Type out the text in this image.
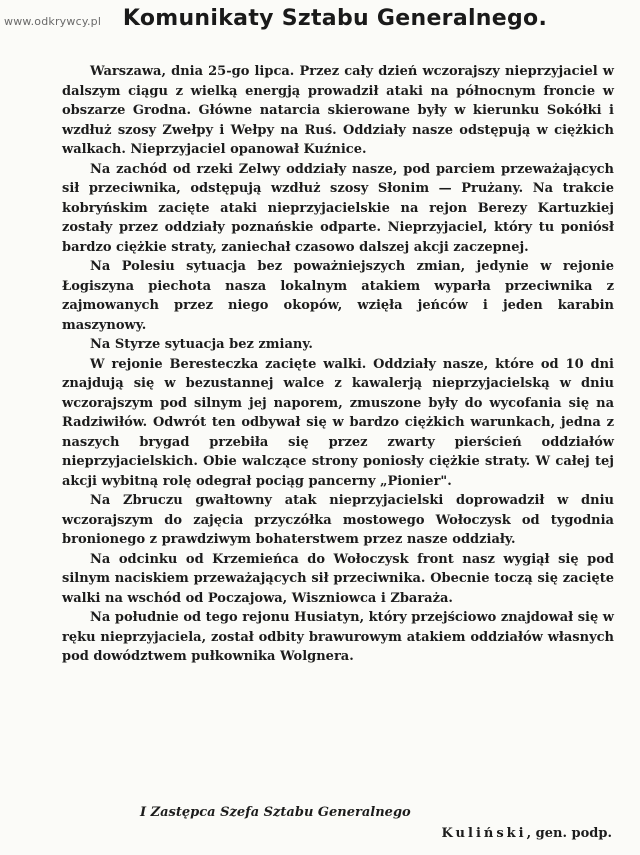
www.odkrywcy.pl Komunikaty Sztabu Generalnego.

Warszawa, dnia 25-go lipca. Przez cały dzień wczorajszy nieprzyjaciel w dalszym ciągu z wielką energją prowadził ataki na północnym froncie w obszarze Grodna. Główne natarcia skierowane były w kierunku Sokółki i wzdłuż szosy Zwełpy i Wełpy na Ruś. Oddziały nasze odstępują w ciężkich walkach. Nieprzyjaciel opanował Kuźnice.

Na zachód od rzeki Zelwy oddziały nasze, pod parciem przeważających sił przeciwnika, odstępują wzdłuż szosy Słonim — Prużany. Na trakcie kobryńskim zacięte ataki nieprzyjacielskie na rejon Berezy Kartuzkiej zostały przez oddziały poznańskie odparte. Nieprzyjaciel, który tu poniósł bardzo ciężkie straty, zaniechał czasowo dalszej akcji zaczepnej.

Na Polesiu sytuacja bez poważniejszych zmian, jedynie w rejonie Łogiszyna piechota nasza lokalnym atakiem wyparła przeciwnika z zajmowanych przez niego okopów, wzięła jeńców i jeden karabin maszynowy.

Na Styrze sytuacja bez zmiany.

W rejonie Beresteczka zacięte walki. Oddziały nasze, które od 10 dni znajdują się w bezustannej walce z kawalerją nieprzyjacielską w dniu wczorajszym pod silnym jej naporem, zmuszone były do wycofania się na Radziwiłów. Odwrót ten odbywał się w bardzo ciężkich warunkach, jedna z naszych brygad przebiła się przez zwarty pierścień oddziałów nieprzyjacielskich. Obie walczące strony poniosły ciężkie straty. W całej tej akcji wybitną rolę odegrał pociąg pancerny „Pionier".

Na Zbruczu gwałtowny atak nieprzyjacielski doprowadził w dniu wczorajszym do zajęcia przyczółka mostowego Wołoczysk od tygodnia bronionego z prawdziwym bohaterstwem przez nasze oddziały.

Na odcinku od Krzemieńca do Wołoczysk front nasz wygiął się pod silnym naciskiem przeważających sił przeciwnika. Obecnie toczą się zacięte walki na wschód od Poczajowa, Wiszniowca i Zbaraża.

Na południe od tego rejonu Husiatyn, który przejściowo znajdował się w ręku nieprzyjaciela, został odbity brawurowym atakiem oddziałów własnych pod dowództwem pułkownika Wolgnera.

I Zastępca Szefa Sztabu Generalnego
Kuliński, gen. podp.
